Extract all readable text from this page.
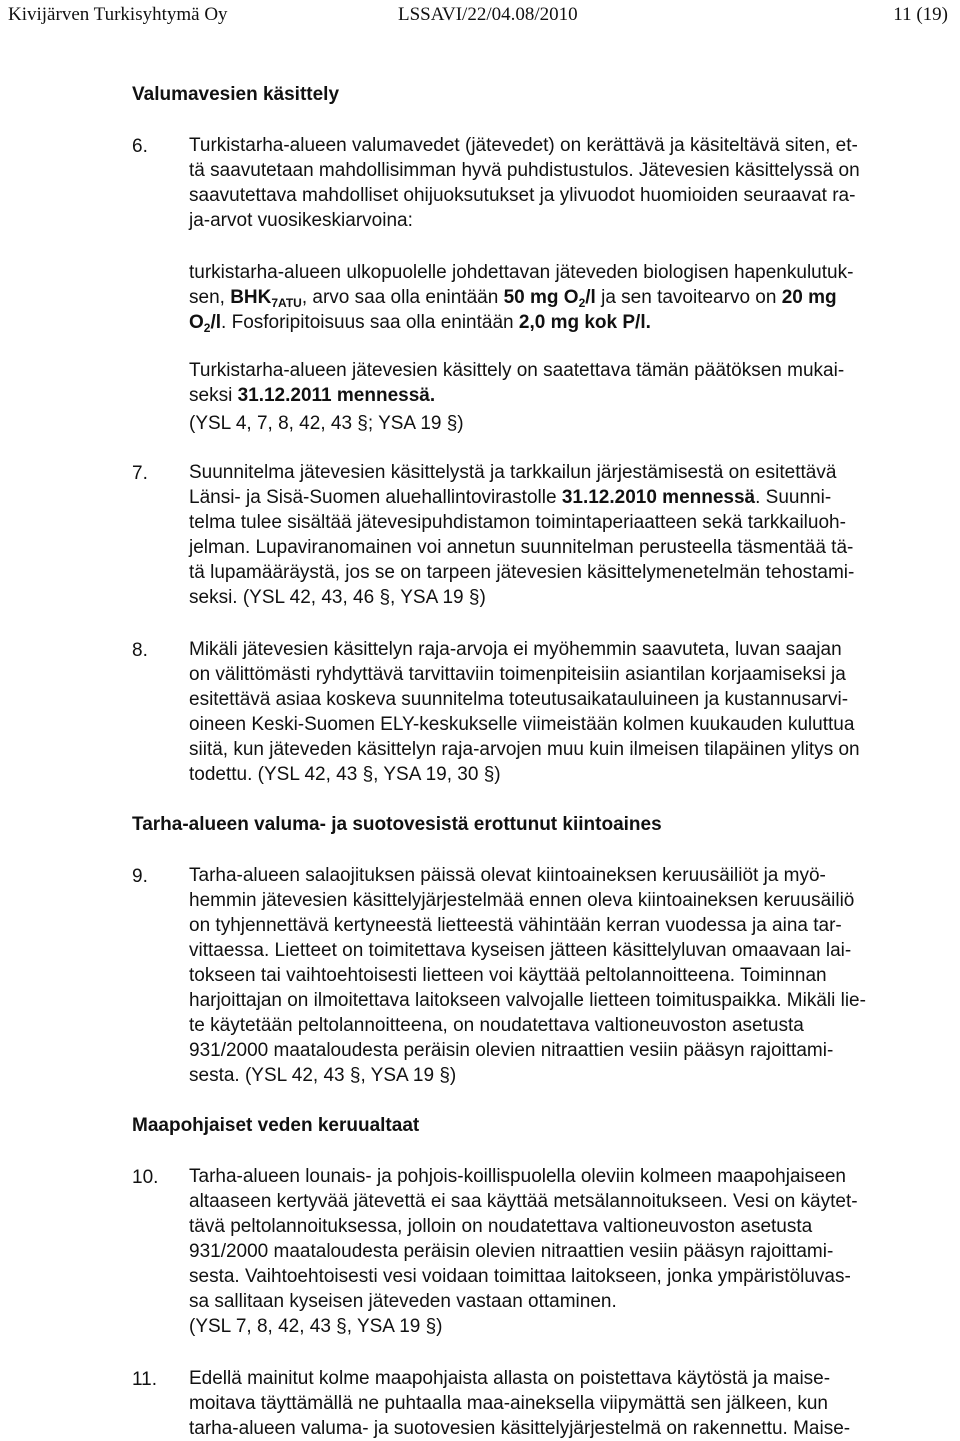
Kivijärven Turkisyhtymä Oy	LSSAVI/22/04.08/2010	11 (19)
Valumavesien käsittely
6. Turkistarha-alueen valumavedet (jätevedet) on kerättävä ja käsiteltävä siten, et-
tä saavutetaan mahdollisimman hyvä puhdistustulos. Jätevesien käsittelyssä on
saavutettava mahdolliset ohijuoksutukset ja ylivuodot huomioiden seuraavat ra-
ja-arvot vuosikeskiarvoina:
turkistarha-alueen ulkopuolelle johdettavan jäteveden biologisen hapenkulutuk-
sen, $BHK_{7ATU}$, arvo saa olla enintään 50 mg $O_2/l$ ja sen tavoitearvo on 20 mg
$O_2/l$. Fosforipitoisuus saa olla enintään 2,0 mg kok P/l.
Turkistarha-alueen jätevesien käsittely on saatettava tämän päätöksen mukai-
seksi 31.12.2011 mennessä.
(YSL 4, 7, 8, 42, 43 §; YSA 19 §)
7. Suunnitelma jätevesien käsittelystä ja tarkkailun järjestämisestä on esitettävä
Länsi- ja Sisä-Suomen aluehallintovirastolle 31.12.2010 mennessä. Suunni-
telma tulee sisältää jätevesipuhdistamon toimintaperiaatteen sekä tarkkailuoh-
jelman. Lupaviranomainen voi annetun suunnitelman perusteella täsmentää tä-
tä lupamääräystä, jos se on tarpeen jätevesien käsittelymenetelmän tehostami-
seksi. (YSL 42, 43, 46 §, YSA 19 §)
8. Mikäli jätevesien käsittelyn raja-arvoja ei myöhemmin saavuteta, luvan saajan
on välittömästi ryhdyttävä tarvittaviin toimenpiteisiin asiantilan korjaamiseksi ja
esitettävä asiaa koskeva suunnitelma toteutusaikatauluineen ja kustannusarvi-
oineen Keski-Suomen ELY-keskukselle viimeistään kolmen kuukauden kuluttua
siitä, kun jäteveden käsittelyn raja-arvojen muu kuin ilmeisen tilapäinen ylitys on
todettu. (YSL 42, 43 §, YSA 19, 30 §)
Tarha-alueen valuma- ja suotovesistä erottunut kiintoaines
9. Tarha-alueen salaojituksen päissä olevat kiintoaineksen keruusäiliöt ja myö-
hemmin jätevesien käsittelyjärjestelmää ennen oleva kiintoaineksen keruusäiliö
on tyhjennettävä kertyneestä lietteestä vähintään kerran vuodessa ja aina tar-
vittaessa. Lietteet on toimitettava kyseisen jätteen käsittelyluvan omaavaan lai-
tokseen tai vaihtoehtoisesti lietteen voi käyttää peltolannoitteena. Toiminnan
harjoittajan on ilmoitettava laitokseen valvojalle lietteen toimituspaikka. Mikäli lie-
te käytetään peltolannoitteena, on noudatettava valtioneuvoston asetusta
931/2000 maataloudesta peräisin olevien nitraattien vesiin pääsyn rajoittami-
sesta. (YSL 42, 43 §, YSA 19 §)
Maapohjaiset veden keruualtaat
10. Tarha-alueen lounais- ja pohjois-koillispuolella oleviin kolmeen maapohjaiseen
altaaseen kertyvää jätevettä ei saa käyttää metsälannoitukseen. Vesi on käytet-
tävä peltolannoituksessa, jolloin on noudatettava valtioneuvoston asetusta
931/2000 maataloudesta peräisin olevien nitraattien vesiin pääsyn rajoittami-
sesta. Vaihtoehtoisesti vesi voidaan toimittaa laitokseen, jonka ympäristöluvas-
sa sallitaan kyseisen jäteveden vastaan ottaminen.
(YSL 7, 8, 42, 43 §, YSA 19 §)
11. Edellä mainitut kolme maapohjaista allasta on poistettava käytöstä ja maise-
moitava täyttämällä ne puhtaalla maa-aineksella viipymättä sen jälkeen, kun
tarha-alueen valuma- ja suotovesien käsittelyjärjestelmä on rakennettu. Maise-
